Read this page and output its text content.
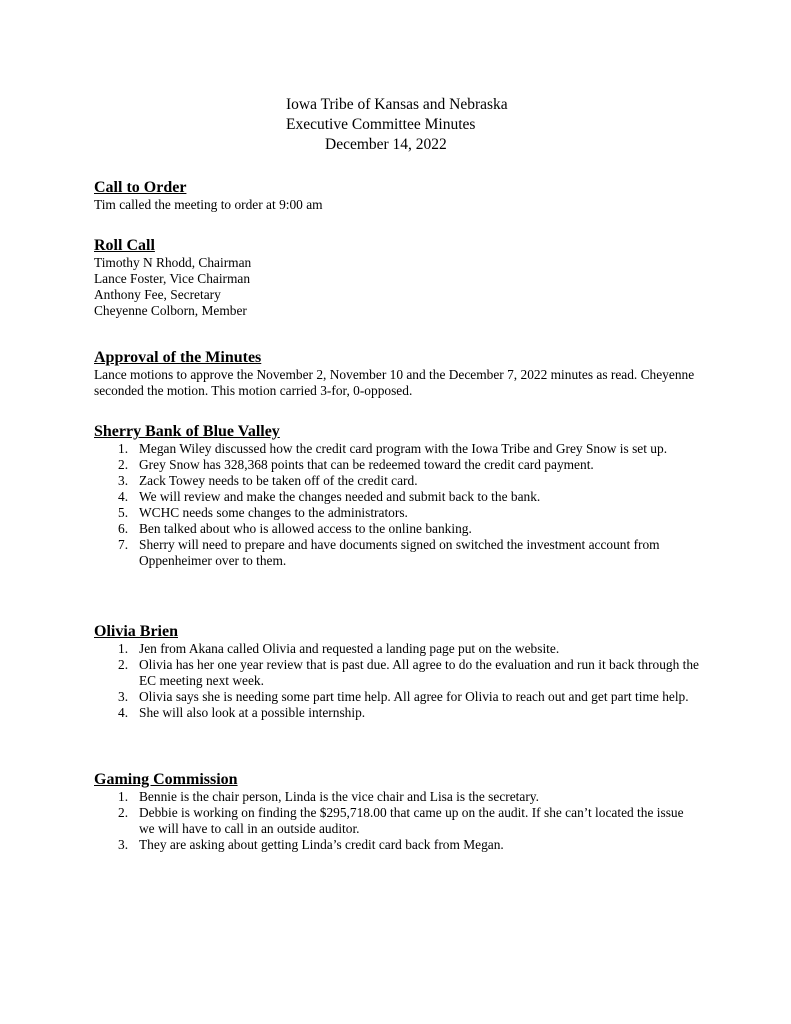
Iowa Tribe of Kansas and Nebraska
Executive Committee Minutes
December 14, 2022
Call to Order
Tim called the meeting to order at 9:00 am
Roll Call
Timothy N Rhodd, Chairman
Lance Foster, Vice Chairman
Anthony Fee, Secretary
Cheyenne Colborn, Member
Approval of the Minutes
Lance motions to approve the November 2, November 10 and the December 7, 2022 minutes as read. Cheyenne seconded the motion. This motion carried 3-for, 0-opposed.
Sherry Bank of Blue Valley
1. Megan Wiley discussed how the credit card program with the Iowa Tribe and Grey Snow is set up.
2. Grey Snow has 328,368 points that can be redeemed toward the credit card payment.
3. Zack Towey needs to be taken off of the credit card.
4. We will review and make the changes needed and submit back to the bank.
5. WCHC needs some changes to the administrators.
6. Ben talked about who is allowed access to the online banking.
7. Sherry will need to prepare and have documents signed on switched the investment account from Oppenheimer over to them.
Olivia Brien
1. Jen from Akana called Olivia and requested a landing page put on the website.
2. Olivia has her one year review that is past due. All agree to do the evaluation and run it back through the EC meeting next week.
3. Olivia says she is needing some part time help. All agree for Olivia to reach out and get part time help.
4. She will also look at a possible internship.
Gaming Commission
1. Bennie is the chair person, Linda is the vice chair and Lisa is the secretary.
2. Debbie is working on finding the $295,718.00 that came up on the audit. If she can’t located the issue we will have to call in an outside auditor.
3. They are asking about getting Linda’s credit card back from Megan.
